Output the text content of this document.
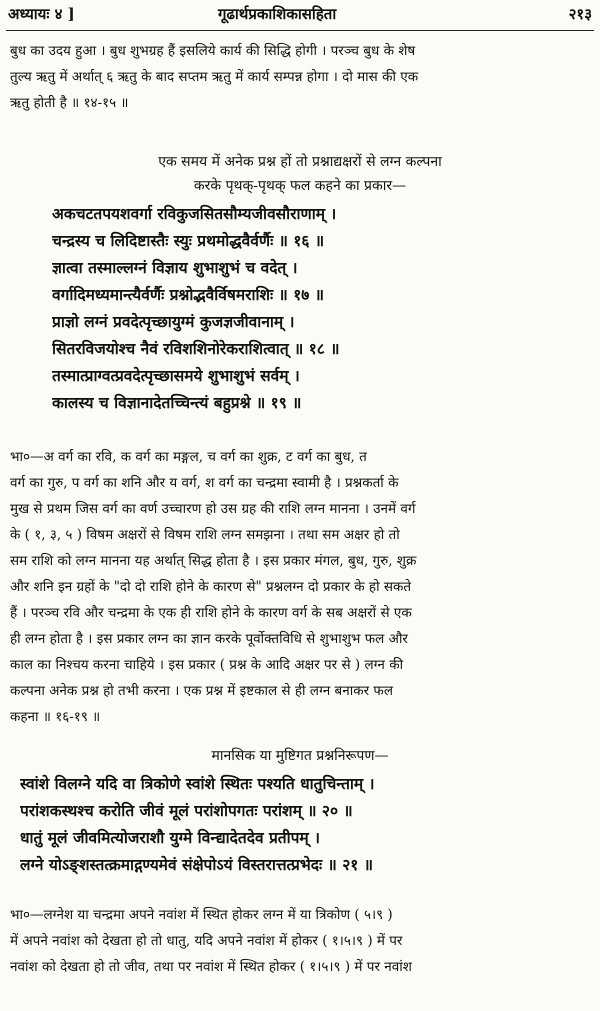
अध्यायः ४ ]	गूढार्थप्रकाशिकासहिता	२१३
बुध का उदय हुआ । बुध शुभग्रह हैं इसलिये कार्य की सिद्धि होगी । परञ्च बुध के शेष
तुल्य ऋतु में अर्थात् ६ ऋतु के बाद सप्तम ऋतु में कार्य सम्पन्न होगा । दो मास की एक
ऋतु होती है ॥ १४-१५ ॥
एक समय में अनेक प्रश्न हों तो प्रश्नाद्यक्षरों से लग्न कल्पना
करके पृथक्-पृथक् फल कहने का प्रकार—
अकचटतपयशवर्गा रविकुजसितसौम्यजीवसौराणाम् ।
चन्द्रस्य च लिदिष्टास्तैः स्युः प्रथमोद्धवैर्वर्णैः ॥ १६ ॥
ज्ञात्वा तस्माल्लग्नं विज्ञाय शुभाशुभं च वदेत् ।
वर्गादिमध्यमान्त्यैर्वर्णैः प्रश्नोद्भवैर्विषमराशिः ॥ १७ ॥
प्राज्ञो लग्नं प्रवदेत्पृच्छायुग्मं कुजज्ञजीवानाम् ।
सितरविजयोश्च नैवं रविशशिनोरेकराशित्वात् ॥ १८ ॥
तस्मात्प्राग्वत्प्रवदेत्पृच्छासमये शुभाशुभं सर्वम् ।
कालस्य च विज्ञानादेतच्चिन्त्यं बहुप्रश्ने ॥ १९ ॥
भा०—अ वर्ग का रवि, क वर्ग का मङ्गल, च वर्ग का शुक्र, ट वर्ग का बुध, त
वर्ग का गुरु, प वर्ग का शनि और य वर्ग, श वर्ग का चन्द्रमा स्वामी है । प्रश्नकर्ता के
मुख से प्रथम जिस वर्ग का वर्ण उच्चारण हो उस ग्रह की राशि लग्न मानना । उनमें वर्ग
के ( १, ३, ५ ) विषम अक्षरों से विषम राशि लग्न समझना । तथा सम अक्षर हो तो
सम राशि को लग्न मानना यह अर्थात् सिद्ध होता है । इस प्रकार मंगल, बुध, गुरु, शुक्र
और शनि इन ग्रहों के "दो दो राशि होने के कारण से" प्रश्नलग्न दो प्रकार के हो सकते
हैं । परञ्च रवि और चन्द्रमा के एक ही राशि होने के कारण वर्ग के सब अक्षरों से एक
ही लग्न होता है । इस प्रकार लग्न का ज्ञान करके पूर्वोक्तविधि से शुभाशुभ फल और
काल का निश्चय करना चाहिये । इस प्रकार ( प्रश्न के आदि अक्षर पर से ) लग्न की
कल्पना अनेक प्रश्न हो तभी करना । एक प्रश्न में इष्टकाल से ही लग्न बनाकर फल
कहना ॥ १६-१९ ॥
मानसिक या मुष्टिगत प्रश्ननिरूपण—
स्वांशे विलग्ने यदि वा त्रिकोणे स्वांशे स्थितः पश्यति धातुचिन्ताम् ।
परांशकस्थश्च करोति जीवं मूलं परांशोपगतः परांशम् ॥ २० ॥
धातुं मूलं जीवमित्योजराशौ युग्मे विन्द्यादेतदेव प्रतीपम् ।
लग्ने योऽङ्शस्तत्क्रमाद्गण्यमेवं संक्षेपोऽयं विस्तरात्तत्प्रभेदः ॥ २१ ॥
भा०—लग्नेश या चन्द्रमा अपने नवांश में स्थित होकर लग्न में या त्रिकोण ( ५।९ )
में अपने नवांश को देखता हो तो धातु, यदि अपने नवांश में होकर ( १।५।९ ) में पर
नवांश को देखता हो तो जीव, तथा पर नवांश में स्थित होकर ( १।५।९ ) में पर नवांश
